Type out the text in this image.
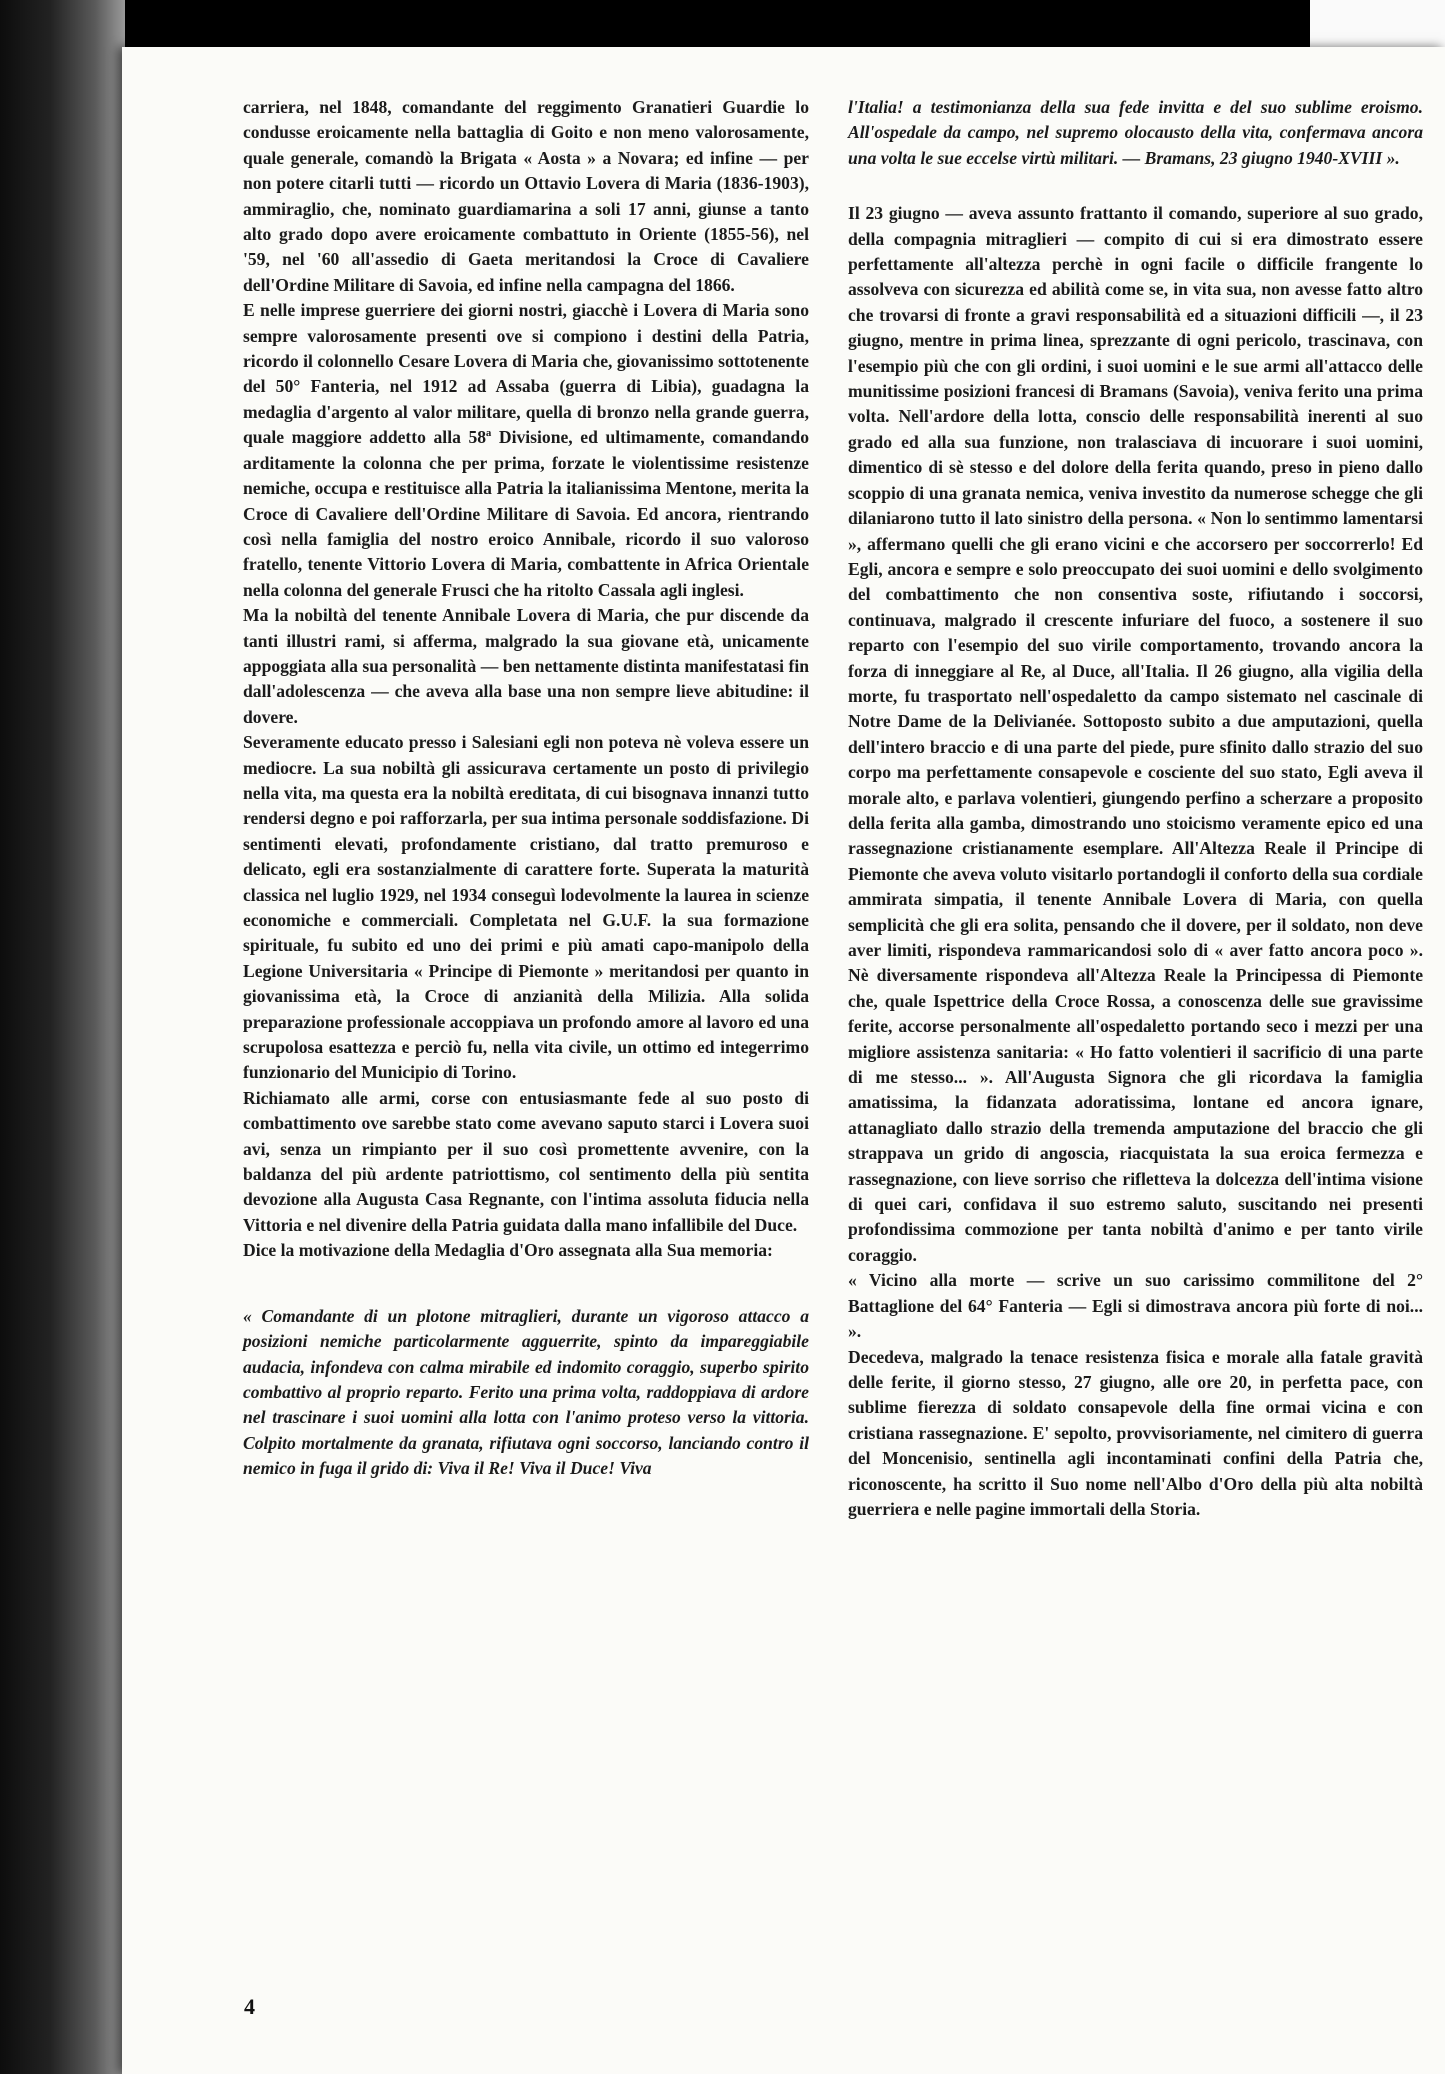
carriera, nel 1848, comandante del reggimento Granatieri Guardie lo condusse eroicamente nella battaglia di Goito e non meno valorosamente, quale generale, comandò la Brigata « Aosta » a Novara; ed infine — per non potere citarli tutti — ricordo un Ottavio Lovera di Maria (1836-1903), ammiraglio, che, nominato guardiamarina a soli 17 anni, giunse a tanto alto grado dopo avere eroicamente combattuto in Oriente (1855-56), nel '59, nel '60 all'assedio di Gaeta meritandosi la Croce di Cavaliere dell'Ordine Militare di Savoia, ed infine nella campagna del 1866.

E nelle imprese guerriere dei giorni nostri, giacchè i Lovera di Maria sono sempre valorosamente presenti ove si compiono i destini della Patria, ricordo il colonnello Cesare Lovera di Maria che, giovanissimo sottotenente del 50° Fanteria, nel 1912 ad Assaba (guerra di Libia), guadagna la medaglia d'argento al valor militare, quella di bronzo nella grande guerra, quale maggiore addetto alla 58ª Divisione, ed ultimamente, comandando arditamente la colonna che per prima, forzate le violentissime resistenze nemiche, occupa e restituisce alla Patria la italianissima Mentone, merita la Croce di Cavaliere dell'Ordine Militare di Savoia. Ed ancora, rientrando così nella famiglia del nostro eroico Annibale, ricordo il suo valoroso fratello, tenente Vittorio Lovera di Maria, combattente in Africa Orientale nella colonna del generale Frusci che ha ritolto Cassala agli inglesi.

Ma la nobiltà del tenente Annibale Lovera di Maria, che pur discende da tanti illustri rami, si afferma, malgrado la sua giovane età, unicamente appoggiata alla sua personalità — ben nettamente distinta manifestatasi fin dall'adolescenza — che aveva alla base una non sempre lieve abitudine: il dovere.

Severamente educato presso i Salesiani egli non poteva nè voleva essere un mediocre. La sua nobiltà gli assicurava certamente un posto di privilegio nella vita, ma questa era la nobiltà ereditata, di cui bisognava innanzi tutto rendersi degno e poi rafforzarla, per sua intima personale soddisfazione. Di sentimenti elevati, profondamente cristiano, dal tratto premuroso e delicato, egli era sostanzialmente di carattere forte. Superata la maturità classica nel luglio 1929, nel 1934 conseguì lodevolmente la laurea in scienze economiche e commerciali. Completata nel G.U.F. la sua formazione spirituale, fu subito ed uno dei primi e più amati capo-manipolo della Legione Universitaria « Principe di Piemonte » meritandosi per quanto in giovanissima età, la Croce di anzianità della Milizia. Alla solida preparazione professionale accoppiava un profondo amore al lavoro ed una scrupolosa esattezza e perciò fu, nella vita civile, un ottimo ed integerrimo funzionario del Municipio di Torino.

Richiamato alle armi, corse con entusiasmante fede al suo posto di combattimento ove sarebbe stato come avevano saputo starci i Lovera suoi avi, senza un rimpianto per il suo così promettente avvenire, con la baldanza del più ardente patriottismo, col sentimento della più sentita devozione alla Augusta Casa Regnante, con l'intima assoluta fiducia nella Vittoria e nel divenire della Patria guidata dalla mano infallibile del Duce.

Dice la motivazione della Medaglia d'Oro assegnata alla Sua memoria:

« Comandante di un plotone mitraglieri, durante un vigoroso attacco a posizioni nemiche particolarmente agguerrite, spinto da impareggiabile audacia, infondeva con calma mirabile ed indomito coraggio, superbo spirito combattivo al proprio reparto. Ferito una prima volta, raddoppiava di ardore nel trascinare i suoi uomini alla lotta con l'animo proteso verso la vittoria. Colpito mortalmente da granata, rifiutava ogni soccorso, lanciando contro il nemico in fuga il grido di: Viva il Re! Viva il Duce! Viva

l'Italia! a testimonianza della sua fede invitta e del suo sublime eroismo. All'ospedale da campo, nel supremo olocausto della vita, confermava ancora una volta le sue eccelse virtù militari. — Bramans, 23 giugno 1940-XVIII ».

Il 23 giugno — aveva assunto frattanto il comando, superiore al suo grado, della compagnia mitraglieri — compito di cui si era dimostrato essere perfettamente all'altezza perchè in ogni facile o difficile frangente lo assolveva con sicurezza ed abilità come se, in vita sua, non avesse fatto altro che trovarsi di fronte a gravi responsabilità ed a situazioni difficili —, il 23 giugno, mentre in prima linea, sprezzante di ogni pericolo, trascinava, con l'esempio più che con gli ordini, i suoi uomini e le sue armi all'attacco delle munitissime posizioni francesi di Bramans (Savoia), veniva ferito una prima volta. Nell'ardore della lotta, conscio delle responsabilità inerenti al suo grado ed alla sua funzione, non tralasciava di incuorare i suoi uomini, dimentico di sè stesso e del dolore della ferita quando, preso in pieno dallo scoppio di una granata nemica, veniva investito da numerose schegge che gli dilaniarono tutto il lato sinistro della persona. « Non lo sentimmo lamentarsi », affermano quelli che gli erano vicini e che accorsero per soccorrerlo! Ed Egli, ancora e sempre e solo preoccupato dei suoi uomini e dello svolgimento del combattimento che non consentiva soste, rifiutando i soccorsi, continuava, malgrado il crescente infuriare del fuoco, a sostenere il suo reparto con l'esempio del suo virile comportamento, trovando ancora la forza di inneggiare al Re, al Duce, all'Italia. Il 26 giugno, alla vigilia della morte, fu trasportato nell'ospedaletto da campo sistemato nel cascinale di Notre Dame de la Delivianée. Sottoposto subito a due amputazioni, quella dell'intero braccio e di una parte del piede, pure sfinito dallo strazio del suo corpo ma perfettamente consapevole e cosciente del suo stato, Egli aveva il morale alto, e parlava volentieri, giungendo perfino a scherzare a proposito della ferita alla gamba, dimostrando uno stoicismo veramente epico ed una rassegnazione cristianamente esemplare. All'Altezza Reale il Principe di Piemonte che aveva voluto visitarlo portandogli il conforto della sua cordiale ammirata simpatia, il tenente Annibale Lovera di Maria, con quella semplicità che gli era solita, pensando che il dovere, per il soldato, non deve aver limiti, rispondeva rammaricandosi solo di « aver fatto ancora poco ». Nè diversamente rispondeva all'Altezza Reale la Principessa di Piemonte che, quale Ispettrice della Croce Rossa, a conoscenza delle sue gravissime ferite, accorse personalmente all'ospedaletto portando seco i mezzi per una migliore assistenza sanitaria: « Ho fatto volentieri il sacrificio di una parte di me stesso... ». All'Augusta Signora che gli ricordava la famiglia amatissima, la fidanzata adoratissima, lontane ed ancora ignare, attanagliato dallo strazio della tremenda amputazione del braccio che gli strappava un grido di angoscia, riacquistata la sua eroica fermezza e rassegnazione, con lieve sorriso che rifletteva la dolcezza dell'intima visione di quei cari, confidava il suo estremo saluto, suscitando nei presenti profondissima commozione per tanta nobiltà d'animo e per tanto virile coraggio.

« Vicino alla morte — scrive un suo carissimo commilitone del 2° Battaglione del 64° Fanteria — Egli si dimostrava ancora più forte di noi... ».

Decedeva, malgrado la tenace resistenza fisica e morale alla fatale gravità delle ferite, il giorno stesso, 27 giugno, alle ore 20, in perfetta pace, con sublime fierezza di soldato consapevole della fine ormai vicina e con cristiana rassegnazione. E' sepolto, provvisoriamente, nel cimitero di guerra del Moncenisio, sentinella agli incontaminati confini della Patria che, riconoscente, ha scritto il Suo nome nell'Albo d'Oro della più alta nobiltà guerriera e nelle pagine immortali della Storia.

4
